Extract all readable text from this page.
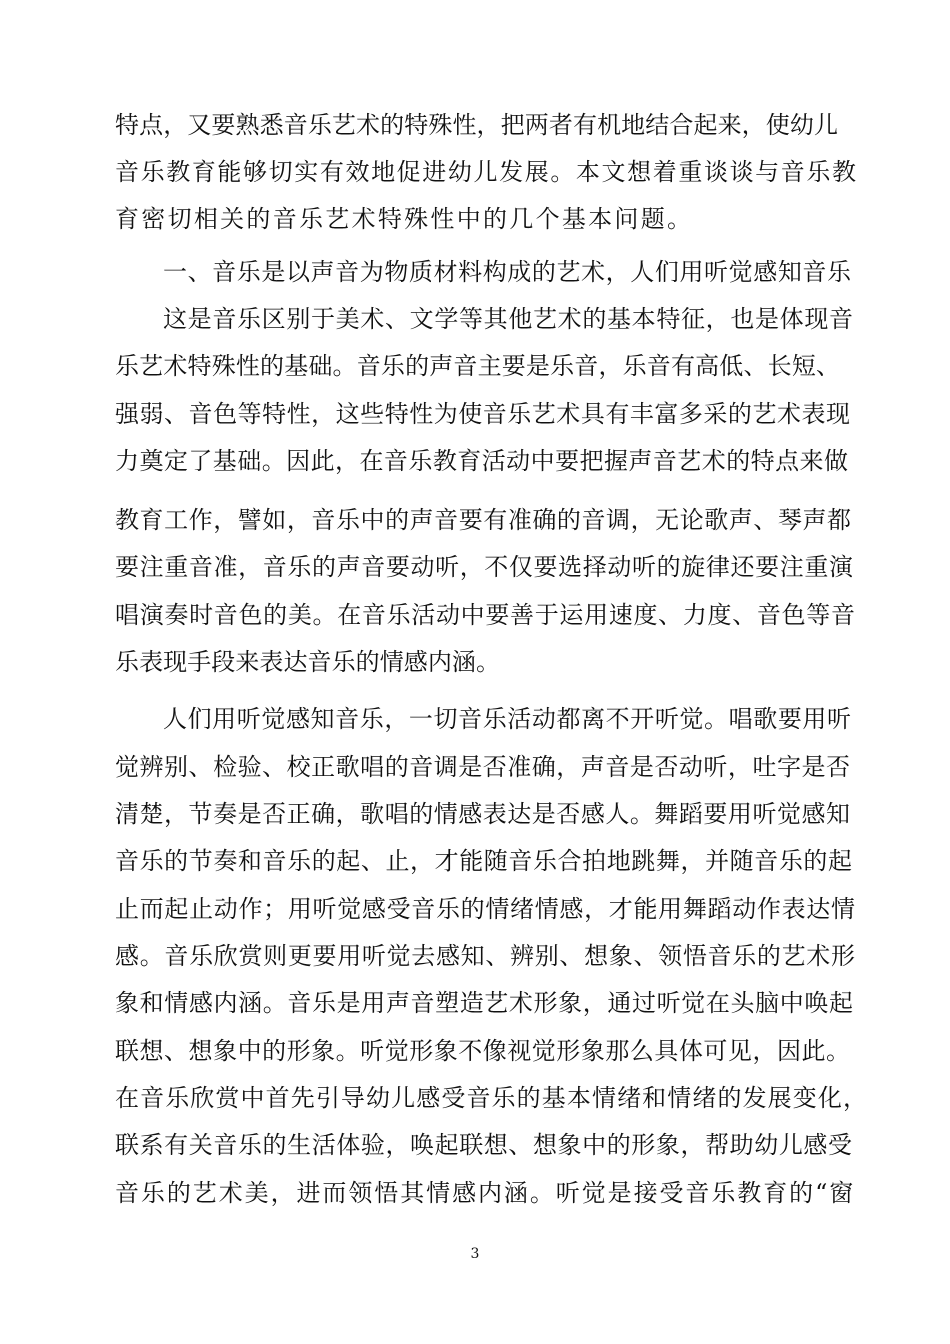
特点，又要熟悉音乐艺术的特殊性，把两者有机地结合起来，使幼儿
音乐教育能够切实有效地促进幼儿发展。本文想着重谈谈与音乐教
育密切相关的音乐艺术特殊性中的几个基本问题。
一、音乐是以声音为物质材料构成的艺术，人们用听觉感知音乐
这是音乐区别于美术、文学等其他艺术的基本特征，也是体现音
乐艺术特殊性的基础。音乐的声音主要是乐音，乐音有高低、长短、
强弱、音色等特性，这些特性为使音乐艺术具有丰富多采的艺术表现
力奠定了基础。因此，在音乐教育活动中要把握声音艺术的特点来做
教育工作，譬如，音乐中的声音要有准确的音调，无论歌声、琴声都
要注重音准，音乐的声音要动听，不仅要选择动听的旋律还要注重演
唱演奏时音色的美。在音乐活动中要善于运用速度、力度、音色等音
乐表现手段来表达音乐的情感内涵。
人们用听觉感知音乐，一切音乐活动都离不开听觉。唱歌要用听
觉辨别、检验、校正歌唱的音调是否准确，声音是否动听，吐字是否
清楚，节奏是否正确，歌唱的情感表达是否感人。舞蹈要用听觉感知
音乐的节奏和音乐的起、止，才能随音乐合拍地跳舞，并随音乐的起
止而起止动作；用听觉感受音乐的情绪情感，才能用舞蹈动作表达情
感。音乐欣赏则更要用听觉去感知、辨别、想象、领悟音乐的艺术形
象和情感内涵。音乐是用声音塑造艺术形象，通过听觉在头脑中唤起
联想、想象中的形象。听觉形象不像视觉形象那么具体可见，因此。
在音乐欣赏中首先引导幼儿感受音乐的基本情绪和情绪的发展变化，
联系有关音乐的生活体验，唤起联想、想象中的形象，帮助幼儿感受
音乐的艺术美，进而领悟其情感内涵。听觉是接受音乐教育的“窗
3
